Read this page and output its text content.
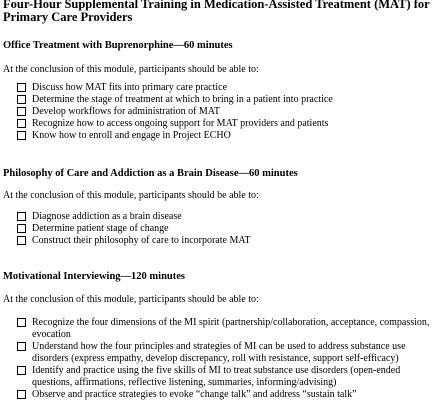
Four-Hour Supplemental Training in Medication-Assisted Treatment (MAT) for Primary Care Providers
Office Treatment with Buprenorphine—60 minutes
At the conclusion of this module, participants should be able to:
Discuss how MAT fits into primary care practice
Determine the stage of treatment at which to bring in a patient into practice
Develop workflows for administration of MAT
Recognize how to access ongoing support for MAT providers and patients
Know how to enroll and engage in Project ECHO
Philosophy of Care and Addiction as a Brain Disease—60 minutes
At the conclusion of this module, participants should be able to:
Diagnose addiction as a brain disease
Determine patient stage of change
Construct their philosophy of care to incorporate MAT
Motivational Interviewing—120 minutes
At the conclusion of this module, participants should be able to:
Recognize the four dimensions of the MI spirit (partnership/collaboration, acceptance, compassion, evocation
Understand how the four principles and strategies of MI can be used to address substance use disorders (express empathy, develop discrepancy, roll with resistance, support self-efficacy)
Identify and practice using the five skills of MI to treat substance use disorders (open-ended questions, affirmations, reflective listening, summaries, informing/advising)
Observe and practice strategies to evoke “change talk” and address “sustain talk”
